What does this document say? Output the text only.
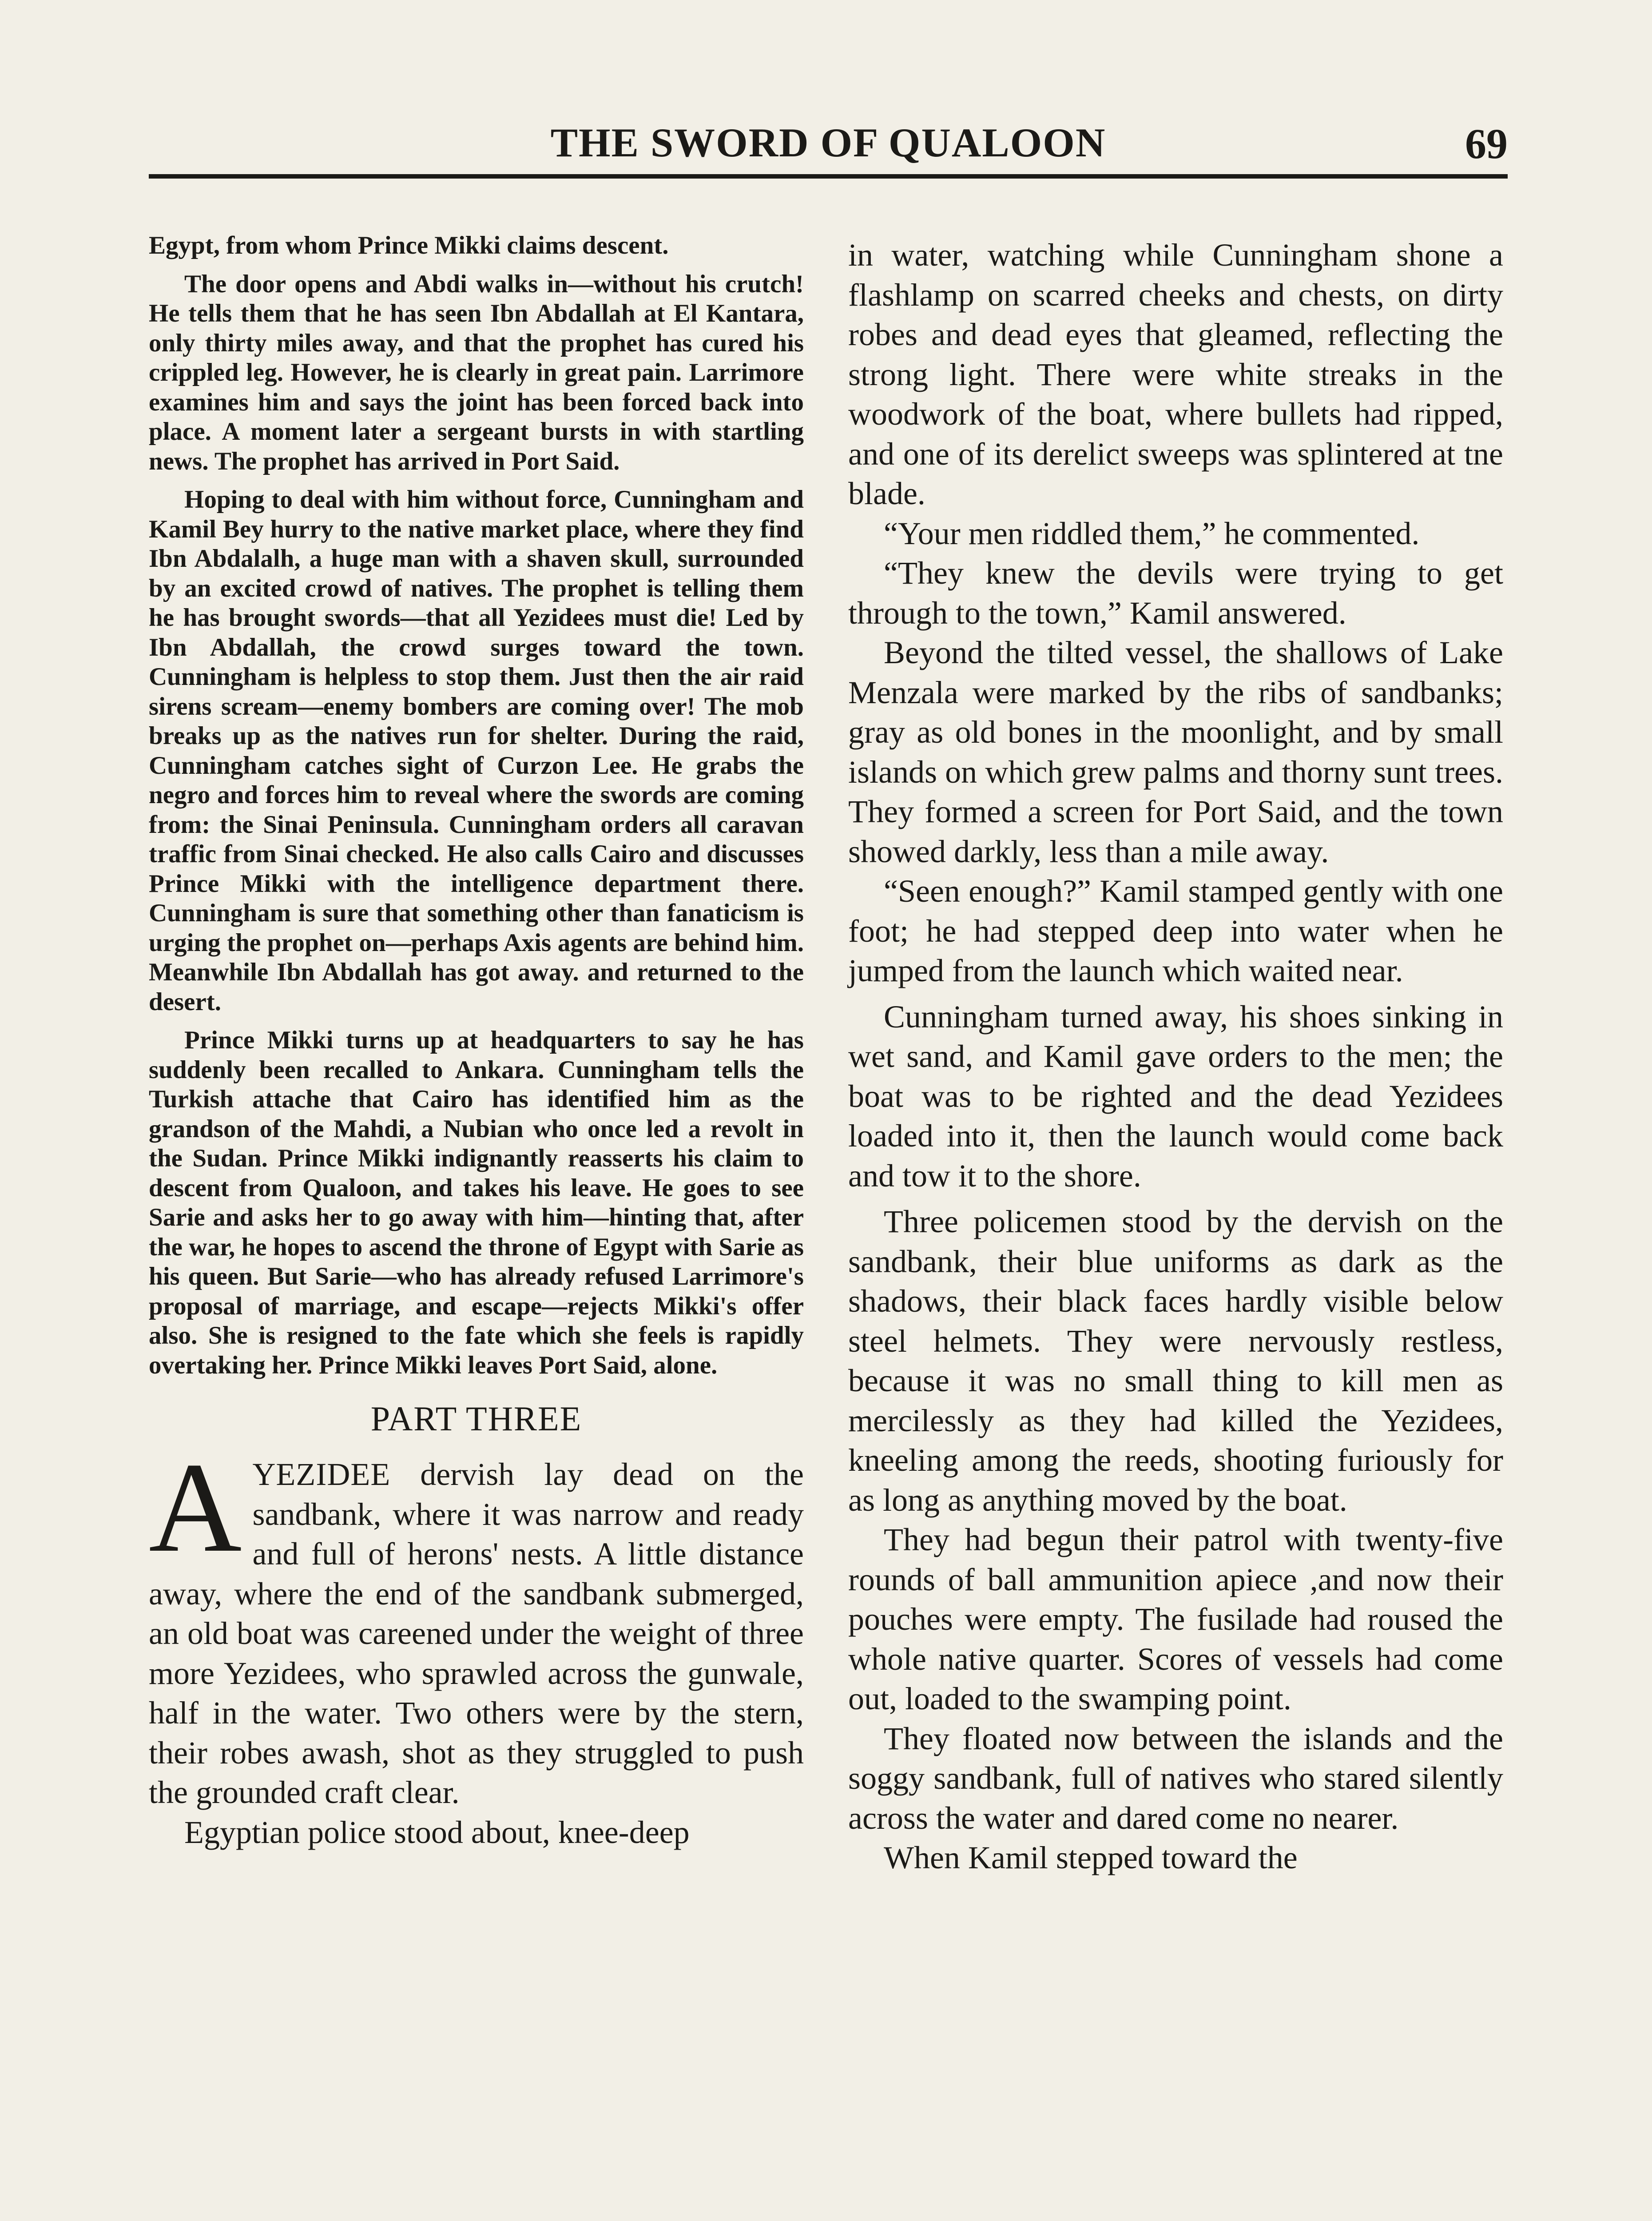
THE SWORD OF QUALOON	69

Egypt, from whom Prince Mikki claims descent.

The door opens and Abdi walks in—without his crutch! He tells them that he has seen Ibn Abdallah at El Kantara, only thirty miles away, and that the prophet has cured his crippled leg. However, he is clearly in great pain. Larrimore examines him and says the joint has been forced back into place. A moment later a sergeant bursts in with startling news. The prophet has arrived in Port Said.

Hoping to deal with him without force, Cunningham and Kamil Bey hurry to the native market place, where they find Ibn Abdalalh, a huge man with a shaven skull, surrounded by an excited crowd of natives. The prophet is telling them he has brought swords—that all Yezidees must die! Led by Ibn Abdallah, the crowd surges toward the town. Cunningham is helpless to stop them. Just then the air raid sirens scream—enemy bombers are coming over! The mob breaks up as the natives run for shelter. During the raid, Cunningham catches sight of Curzon Lee. He grabs the negro and forces him to reveal where the swords are coming from: the Sinai Peninsula. Cunningham orders all caravan traffic from Sinai checked. He also calls Cairo and discusses Prince Mikki with the intelligence department there. Cunningham is sure that something other than fanaticism is urging the prophet on—perhaps Axis agents are behind him. Meanwhile Ibn Abdallah has got away. and returned to the desert.

Prince Mikki turns up at headquarters to say he has suddenly been recalled to Ankara. Cunningham tells the Turkish attache that Cairo has identified him as the grandson of the Mahdi, a Nubian who once led a revolt in the Sudan. Prince Mikki indignantly reasserts his claim to descent from Qualoon, and takes his leave. He goes to see Sarie and asks her to go away with him—hinting that, after the war, he hopes to ascend the throne of Egypt with Sarie as his queen. But Sarie—who has already refused Larrimore's proposal of marriage, and escape—rejects Mikki's offer also. She is resigned to the fate which she feels is rapidly overtaking her. Prince Mikki leaves Port Said, alone.

PART THREE

AYEZIDEE dervish lay dead on the sandbank, where it was narrow and ready and full of herons' nests. A little distance away, where the end of the sandbank submerged, an old boat was careened under the weight of three more Yezidees, who sprawled across the gunwale, half in the water. Two others were by the stern, their robes awash, shot as they struggled to push the grounded craft clear.

Egyptian police stood about, knee-deep

in water, watching while Cunningham shone a flashlamp on scarred cheeks and chests, on dirty robes and dead eyes that gleamed, reflecting the strong light. There were white streaks in the woodwork of the boat, where bullets had ripped, and one of its derelict sweeps was splintered at tne blade.

“Your men riddled them,” he commented.

“They knew the devils were trying to get through to the town,” Kamil answered.

Beyond the tilted vessel, the shallows of Lake Menzala were marked by the ribs of sandbanks; gray as old bones in the moonlight, and by small islands on which grew palms and thorny sunt trees. They formed a screen for Port Said, and the town showed darkly, less than a mile away.

“Seen enough?” Kamil stamped gently with one foot; he had stepped deep into water when he jumped from the launch which waited near.

Cunningham turned away, his shoes sinking in wet sand, and Kamil gave orders to the men; the boat was to be righted and the dead Yezidees loaded into it, then the launch would come back and tow it to the shore.

Three policemen stood by the dervish on the sandbank, their blue uniforms as dark as the shadows, their black faces hardly visible below steel helmets. They were nervously restless, because it was no small thing to kill men as mercilessly as they had killed the Yezidees, kneeling among the reeds, shooting furiously for as long as anything moved by the boat.

They had begun their patrol with twenty-five rounds of ball ammunition apiece ,and now their pouches were empty. The fusilade had roused the whole native quarter. Scores of vessels had come out, loaded to the swamping point.

They floated now between the islands and the soggy sandbank, full of natives who stared silently across the water and dared come no nearer.

When Kamil stepped toward the
